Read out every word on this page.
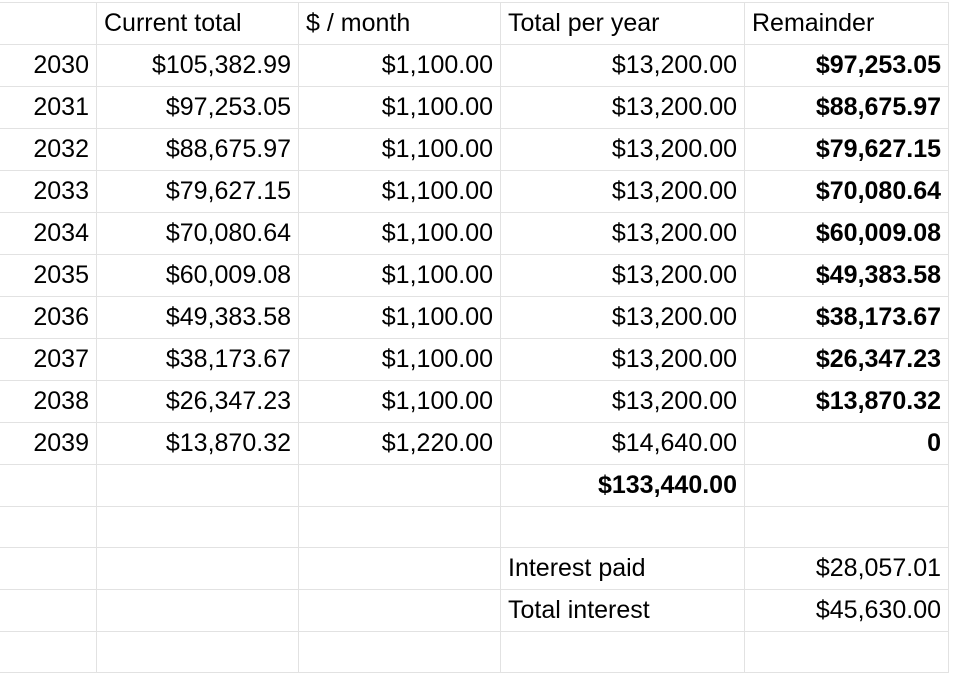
	Current total	$ / month	Total per year	Remainder
2030	$105,382.99	$1,100.00	$13,200.00	$97,253.05
2031	$97,253.05	$1,100.00	$13,200.00	$88,675.97
2032	$88,675.97	$1,100.00	$13,200.00	$79,627.15
2033	$79,627.15	$1,100.00	$13,200.00	$70,080.64
2034	$70,080.64	$1,100.00	$13,200.00	$60,009.08
2035	$60,009.08	$1,100.00	$13,200.00	$49,383.58
2036	$49,383.58	$1,100.00	$13,200.00	$38,173.67
2037	$38,173.67	$1,100.00	$13,200.00	$26,347.23
2038	$26,347.23	$1,100.00	$13,200.00	$13,870.32
2039	$13,870.32	$1,220.00	$14,640.00	0
			$133,440.00	

			Interest paid	$28,057.01
			Total interest	$45,630.00
